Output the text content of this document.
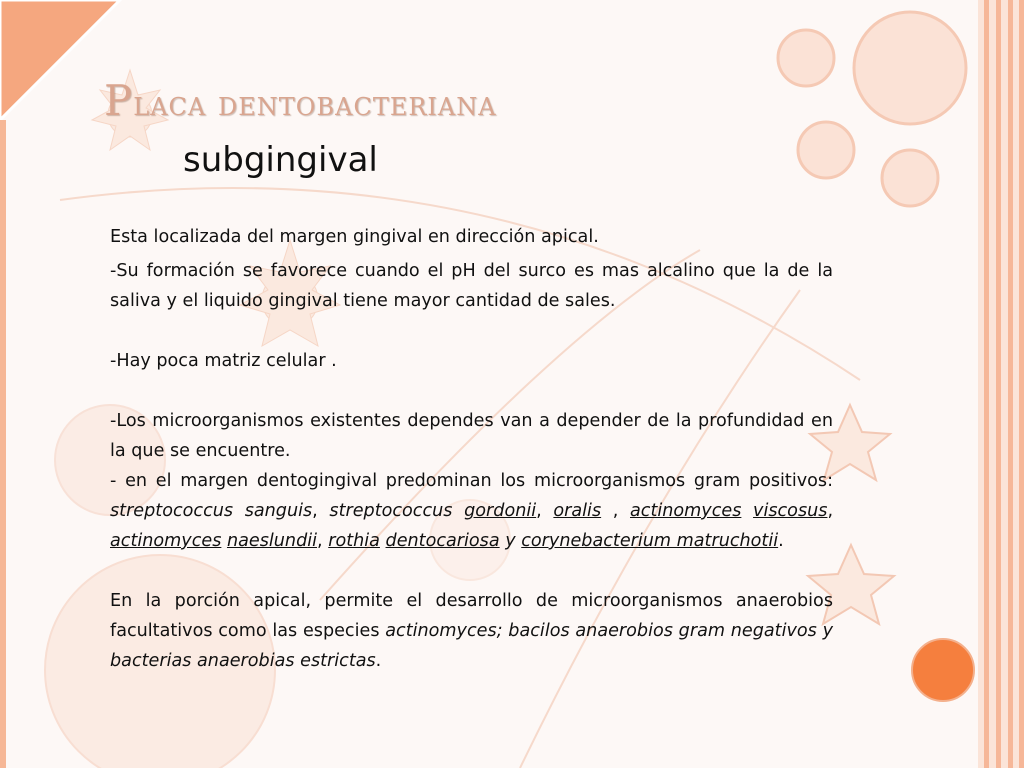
Placa dentobacteriana
subgingival

Esta localizada del margen gingival en dirección apical.

-Su formación se favorece cuando el pH del surco es mas alcalino que la de la saliva y el liquido gingival tiene mayor cantidad de sales.

-Hay poca matriz celular .

-Los microorganismos existentes dependes van a depender de la profundidad en la que se encuentre.

- en el margen dentogingival predominan los microorganismos gram positivos: streptococcus sanguis, streptococcus gordonii, oralis , actinomyces viscosus, actinomyces naeslundii, rothia dentocariosa y corynebacterium matruchotii.

En la porción apical, permite el desarrollo de microorganismos anaerobios facultativos como las especies actinomyces; bacilos anaerobios gram negativos y bacterias anaerobias estrictas.
